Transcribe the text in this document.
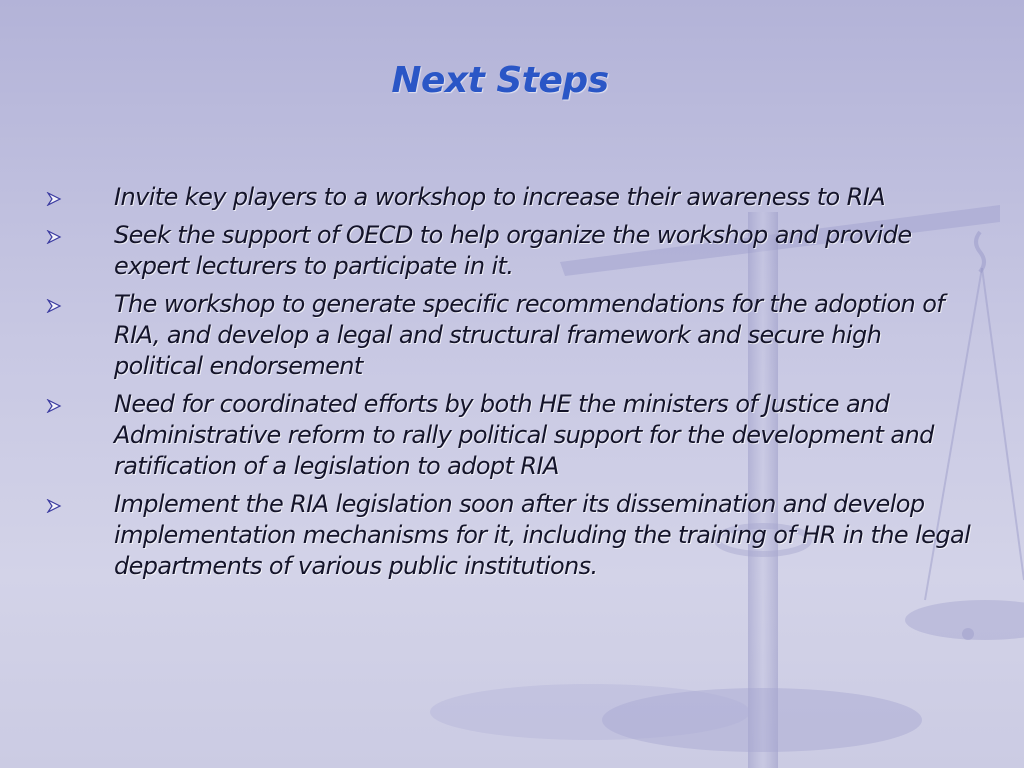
Next Steps
Invite key players to a workshop to increase their awareness to RIA
Seek the support of OECD to help organize the workshop and provide expert lecturers to participate in it.
The workshop to generate specific recommendations for the adoption of RIA, and develop a legal and structural framework and secure high political endorsement
Need for coordinated efforts by both HE the ministers of Justice and Administrative reform to rally political support for the development and ratification of a legislation to adopt RIA
Implement the RIA legislation soon after its dissemination and develop implementation mechanisms for it, including the training of HR in the legal departments of various public institutions.
